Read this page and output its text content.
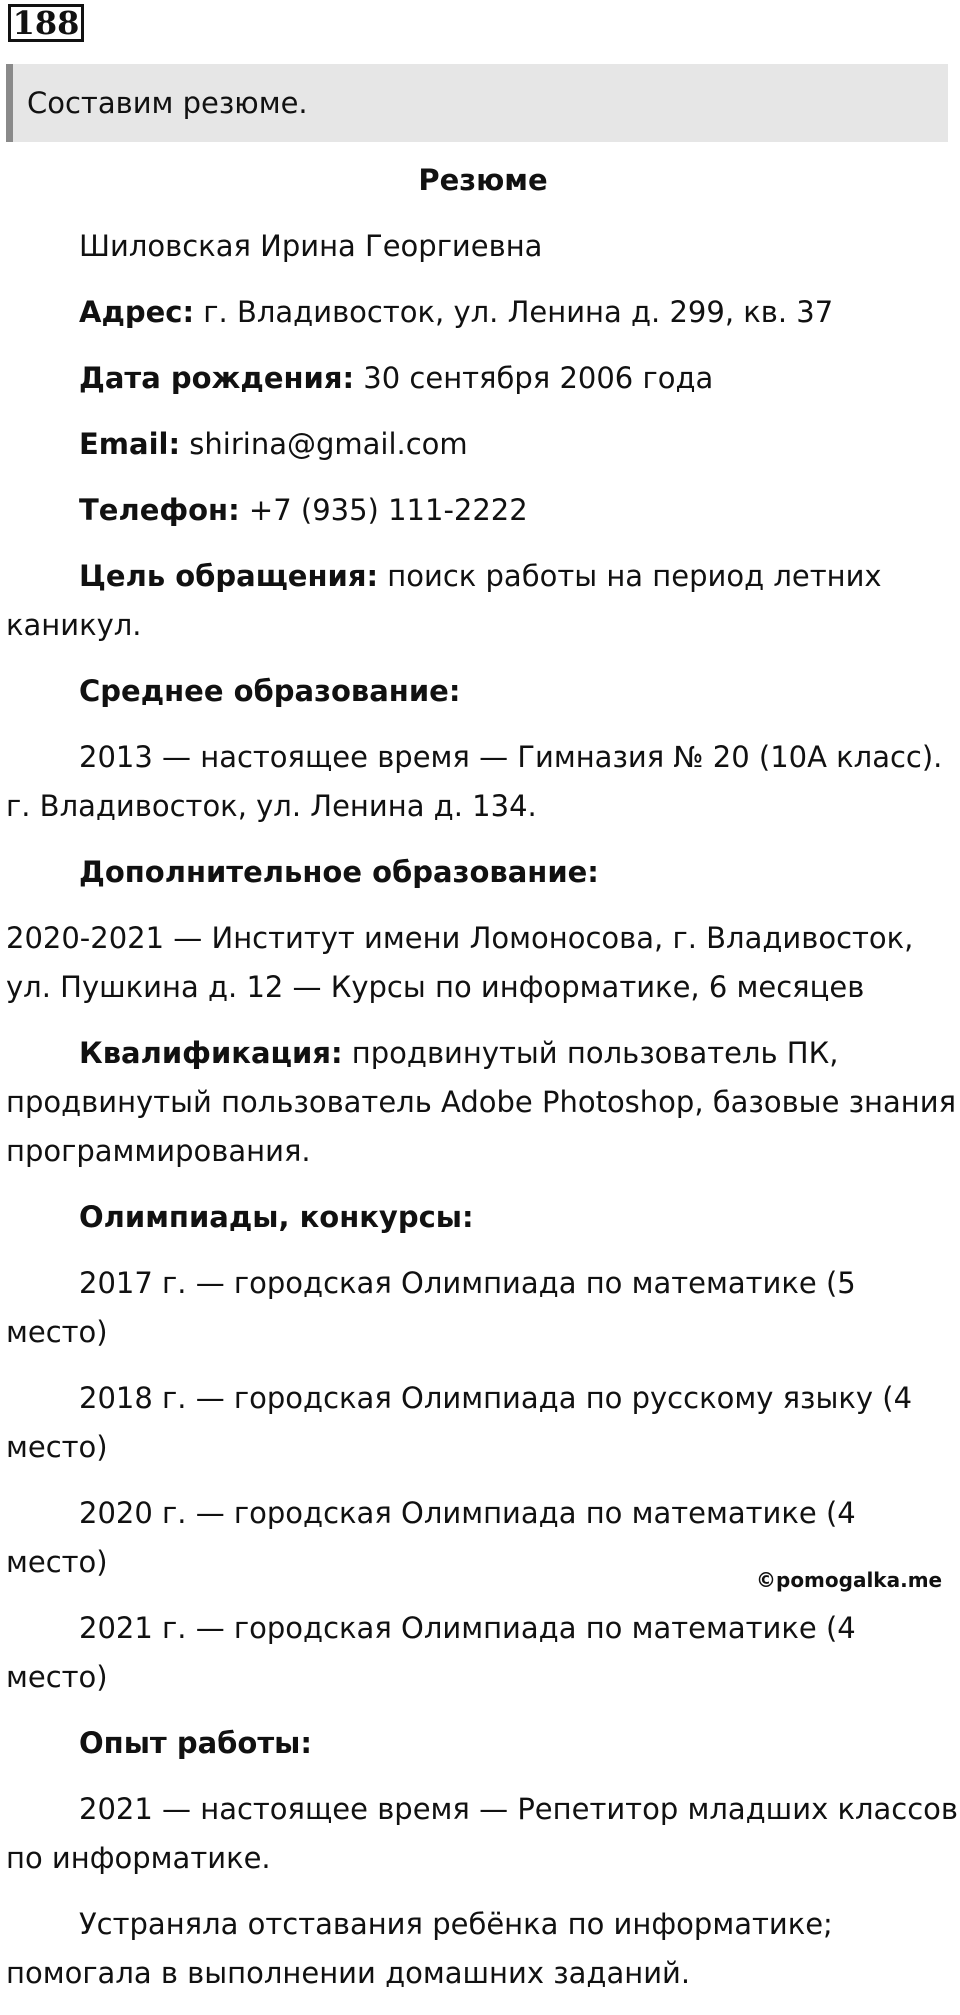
188
Составим резюме.

Резюме

Шиловская Ирина Георгиевна

Адрес: г. Владивосток, ул. Ленина д. 299, кв. 37

Дата рождения: 30 сентября 2006 года

Email: shirina@gmail.com

Телефон: +7 (935) 111-2222

Цель обращения: поиск работы на период летних каникул.

Среднее образование:

2013 — настоящее время — Гимназия № 20 (10А класс). г. Владивосток, ул. Ленина д. 134.

Дополнительное образование:

2020-2021 — Институт имени Ломоносова, г. Владивосток, ул. Пушкина д. 12 — Курсы по информатике, 6 месяцев

Квалификация: продвинутый пользователь ПК, продвинутый пользователь Adobe Photoshop, базовые знания программирования.

Олимпиады, конкурсы:

2017 г. — городская Олимпиада по математике (5 место)

2018 г. — городская Олимпиада по русскому языку (4 место)

2020 г. — городская Олимпиада по математике (4 место)

2021 г. — городская Олимпиада по математике (4 место)

Опыт работы:

2021 — настоящее время — Репетитор младших классов по информатике.

Устраняла отставания ребёнка по информатике; помогала в выполнении домашних заданий.

©pomogalka.me
